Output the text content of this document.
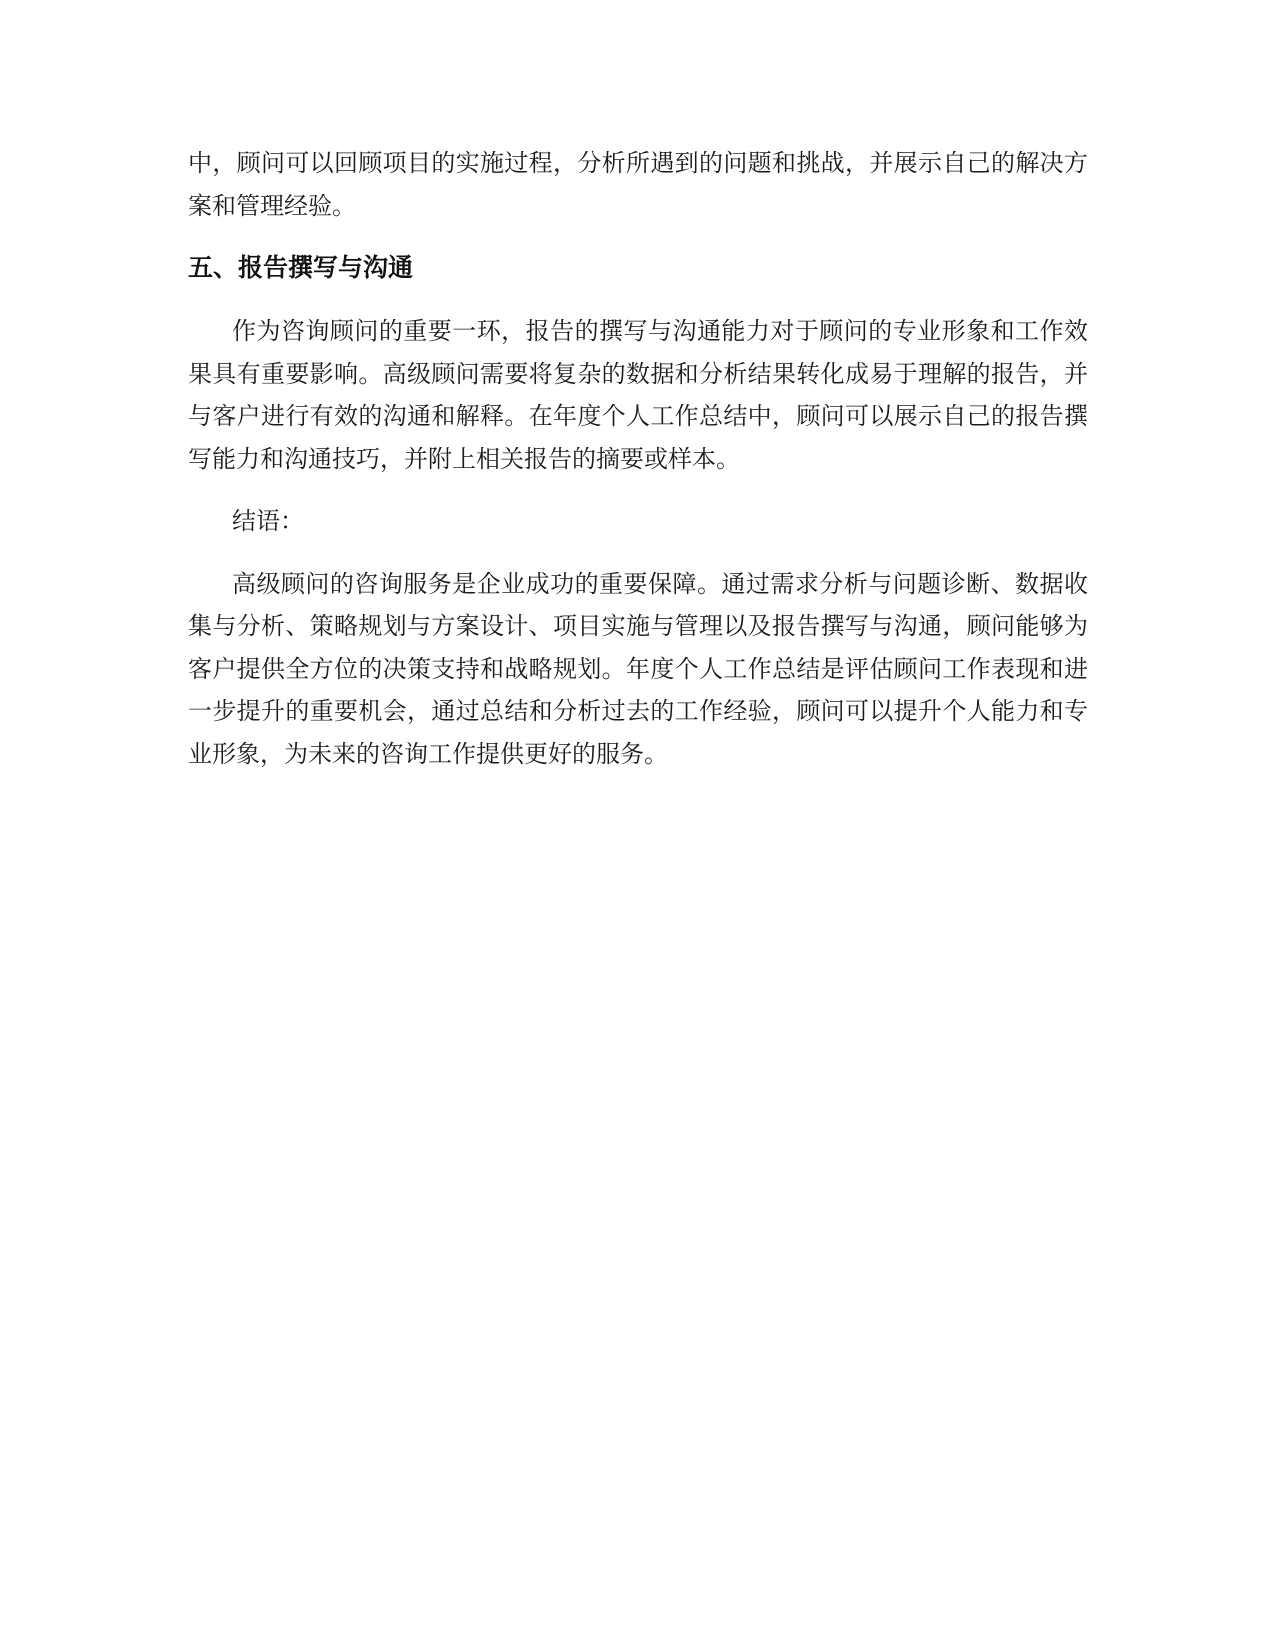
中，顾问可以回顾项目的实施过程，分析所遇到的问题和挑战，并展示自己的解决方案和管理经验。

五、报告撰写与沟通

作为咨询顾问的重要一环，报告的撰写与沟通能力对于顾问的专业形象和工作效果具有重要影响。高级顾问需要将复杂的数据和分析结果转化成易于理解的报告，并与客户进行有效的沟通和解释。在年度个人工作总结中，顾问可以展示自己的报告撰写能力和沟通技巧，并附上相关报告的摘要或样本。

结语：

高级顾问的咨询服务是企业成功的重要保障。通过需求分析与问题诊断、数据收集与分析、策略规划与方案设计、项目实施与管理以及报告撰写与沟通，顾问能够为客户提供全方位的决策支持和战略规划。年度个人工作总结是评估顾问工作表现和进一步提升的重要机会，通过总结和分析过去的工作经验，顾问可以提升个人能力和专业形象，为未来的咨询工作提供更好的服务。
